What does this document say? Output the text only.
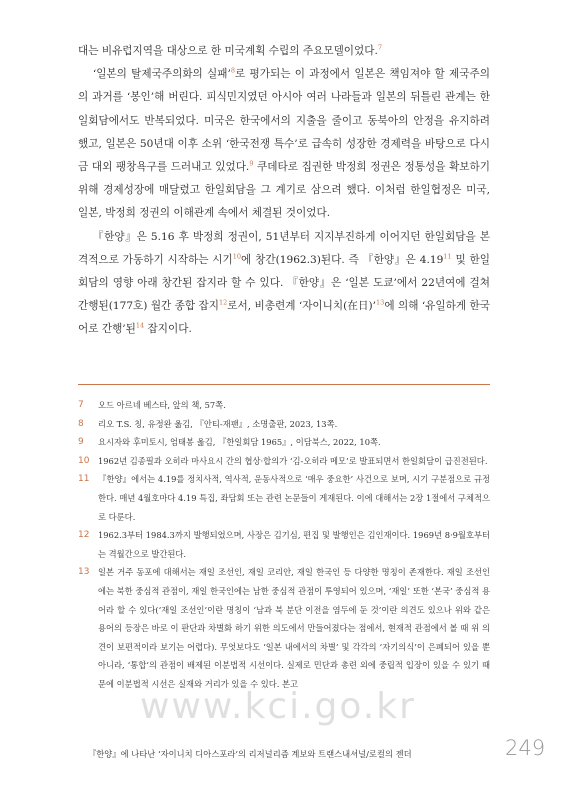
대는 비유럽지역을 대상으로 한 미국계획 수립의 주요모델이었다.$^7$

‘일본의 탈제국주의화의 실패’$^8$로 평가되는 이 과정에서 일본은 책임져야 할 제국주의의 과거를 ‘봉인’해 버린다. 피식민지였던 아시아 여러 나라들과 일본의 뒤틀린 관계는 한일회담에서도 반복되었다. 미국은 한국에서의 지출을 줄이고 동북아의 안정을 유지하려 했고, 일본은 50년대 이후 소위 ‘한국전쟁 특수’로 급속히 성장한 경제력을 바탕으로 다시금 대외 팽창욕구를 드러내고 있었다.$^9$ 쿠데타로 집권한 박정희 정권은 정통성을 확보하기 위해 경제성장에 매달렸고 한일회담을 그 계기로 삼으려 했다. 이처럼 한일협정은 미국, 일본, 박정희 정권의 이해관계 속에서 체결된 것이었다.

『한양』은 5.16 후 박정희 정권이, 51년부터 지지부진하게 이어지던 한일회담을 본격적으로 가동하기 시작하는 시기$^{10}$에 창간(1962.3)된다. 즉 『한양』은 4.19$^{11}$ 및 한일회담의 영향 아래 창간된 잡지라 할 수 있다. 『한양』은 ‘일본 도쿄’에서 22년여에 걸쳐 간행된(177호) 월간 종합 잡지$^{12}$로서, 비총련계 ‘자이니치(在日)’$^{13}$에 의해 ‘유일하게 한국어로 간행’된$^{14}$ 잡지이다.

7	오드 아르네 베스타, 앞의 책, 57쪽.
8	리오 T.S. 칭, 유정완 옮김, 『안티-재팬』, 소명출판, 2023, 13쪽.
9	요시자와 후미토시, 엄태봉 옮김, 『한일회담 1965』, 이담북스, 2022, 10쪽.
10	1962년 김종필과 오히라 마사요시 간의 협상·합의가 ‘김-오히라 메모’로 발표되면서 한일회담이 급진전된다.
11	『한양』에서는 4.19를 정치사적, 역사적, 운동사적으로 ‘매우 중요한’ 사건으로 보며, 시기 구분점으로 규정한다. 매년 4월호마다 4.19 특집, 좌담회 또는 관련 논문들이 게재된다. 이에 대해서는 2장 1절에서 구체적으로 다룬다.
12	1962.3부터 1984.3까지 발행되었으며, 사장은 김기심, 편집 및 발행인은 김인재이다. 1969년 8·9월호부터는 격월간으로 발간된다.
13	일본 거주 동포에 대해서는 재일 조선인, 재일 코리안, 재일 한국인 등 다양한 명칭이 존재한다. 재일 조선인에는 북한 중심적 관점이, 재일 한국인에는 남한 중심적 관점이 투영되어 있으며, ‘재일’ 또한 ‘본국’ 중심적 용어라 할 수 있다(‘재일 조선인’이란 명칭이 ‘남과 북 분단 이전을 염두에 둔 것’이란 의견도 있으나 위와 같은 용어의 등장은 바로 이 판단과 차별화 하기 위한 의도에서 만들어졌다는 점에서, 현재적 관점에서 볼 때 위 의견이 보편적이라 보기는 어렵다). 무엇보다도 ‘일본 내에서의 차별’ 및 각각의 ‘자기의식’이 은폐되어 있을 뿐 아니라, ‘통합’의 관점이 배제된 이분법적 시선이다. 실제로 민단과 총련 외에 중립적 입장이 있을 수 있기 때문에 이분법적 시선은 실재와 거리가 있을 수 있다. 본고
www.kci.go.kr
『한양』에 나타난 ‘자이니치 디아스포라’의 리저널리즘 계보와 트랜스내셔널/로컬의 젠더	249
